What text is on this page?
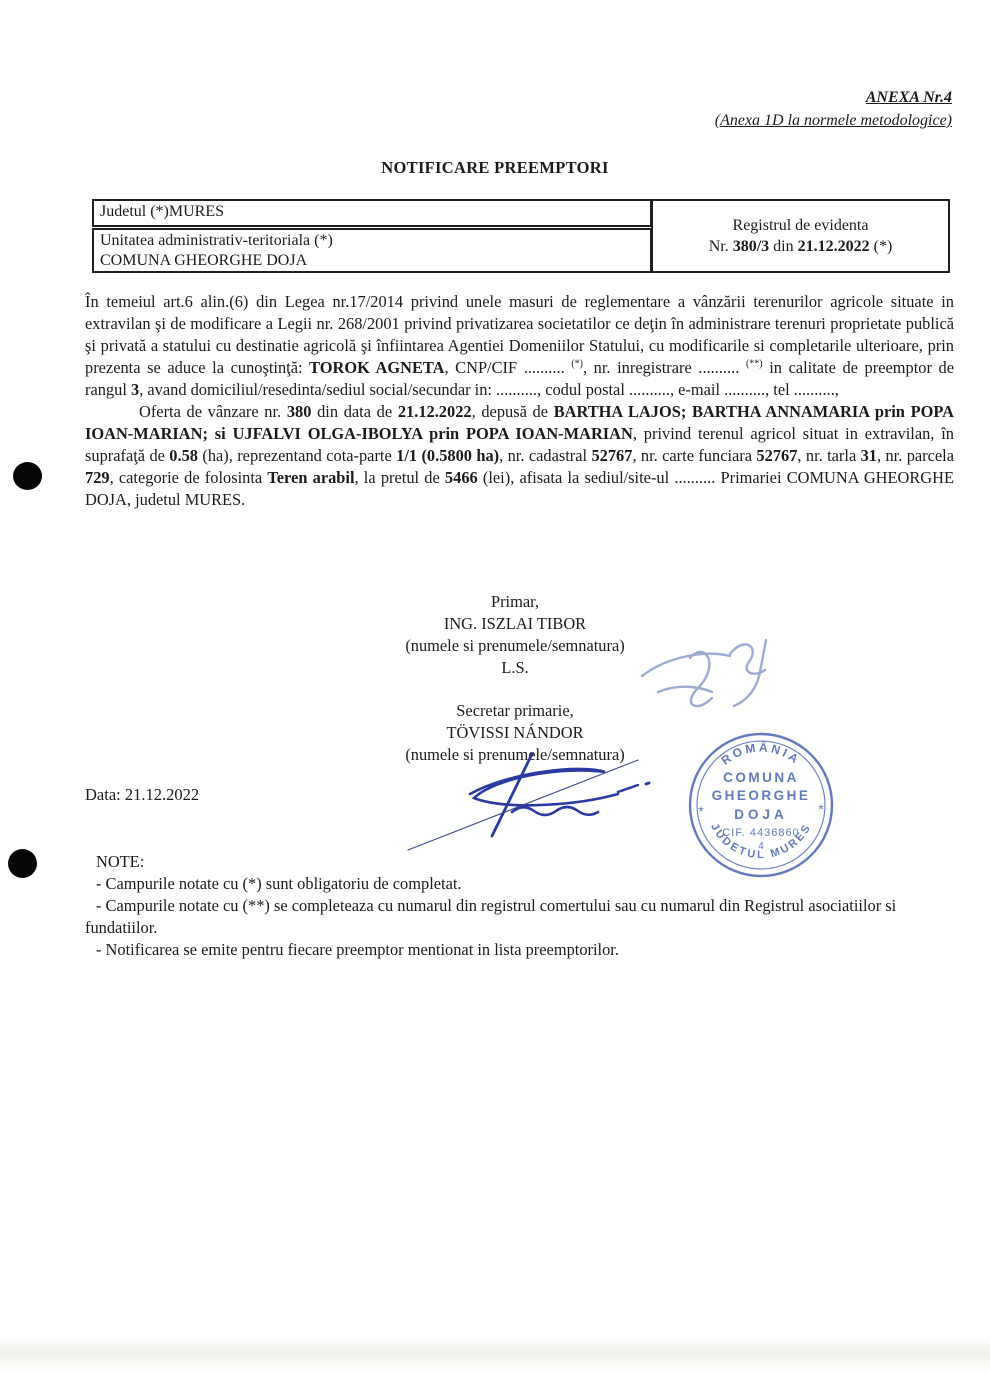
ANEXA Nr.4
(Anexa 1D la normele metodologice)
NOTIFICARE PREEMPTORI
Judetul (*)MURES
Unitatea administrativ-teritoriala (*)
COMUNA GHEORGHE DOJA
Registrul de evidenta
Nr. 380/3 din 21.12.2022 (*)
În temeiul art.6 alin.(6) din Legea nr.17/2014 privind unele masuri de reglementare a vânzării terenurilor agricole situate in extravilan şi de modificare a Legii nr. 268/2001 privind privatizarea societatilor ce deţin în administrare terenuri proprietate publică şi privată a statului cu destinatie agricolă şi înfiintarea Agentiei Domeniilor Statului, cu modificarile si completarile ulterioare, prin prezenta se aduce la cunoştinţă: TOROK AGNETA, CNP/CIF .......... (*), nr. inregistrare .......... (**) in calitate de preemptor de rangul 3, avand domiciliul/resedinta/sediul social/secundar in: .........., codul postal .........., e-mail .........., tel ..........,
Oferta de vânzare nr. 380 din data de 21.12.2022, depusă de BARTHA LAJOS; BARTHA ANNAMARIA prin POPA IOAN-MARIAN; si UJFALVI OLGA-IBOLYA prin POPA IOAN-MARIAN, privind terenul agricol situat in extravilan, în suprafaţă de 0.58 (ha), reprezentand cota-parte 1/1 (0.5800 ha), nr. cadastral 52767, nr. carte funciara 52767, nr. tarla 31, nr. parcela 729, categorie de folosinta Teren arabil, la pretul de 5466 (lei), afisata la sediul/site-ul .......... Primariei COMUNA GHEORGHE DOJA, judetul MURES.
Primar,
ING. ISZLAI TIBOR
(numele si prenumele/semnatura)
L.S.
Secretar primarie,
TÖVISSI NÁNDOR
(numele si prenumele/semnatura)	ROMÂNIA
COMUNA
GHEORGHE
DOJA
CIF. 4436860
4
JUDETUL MURES
*	*
Data: 21.12.2022
NOTE:
- Campurile notate cu (*) sunt obligatoriu de completat.
- Campurile notate cu (**) se completeaza cu numarul din registrul comertului sau cu numarul din Registrul asociatiilor si fundatiilor.
- Notificarea se emite pentru fiecare preemptor mentionat in lista preemptorilor.
